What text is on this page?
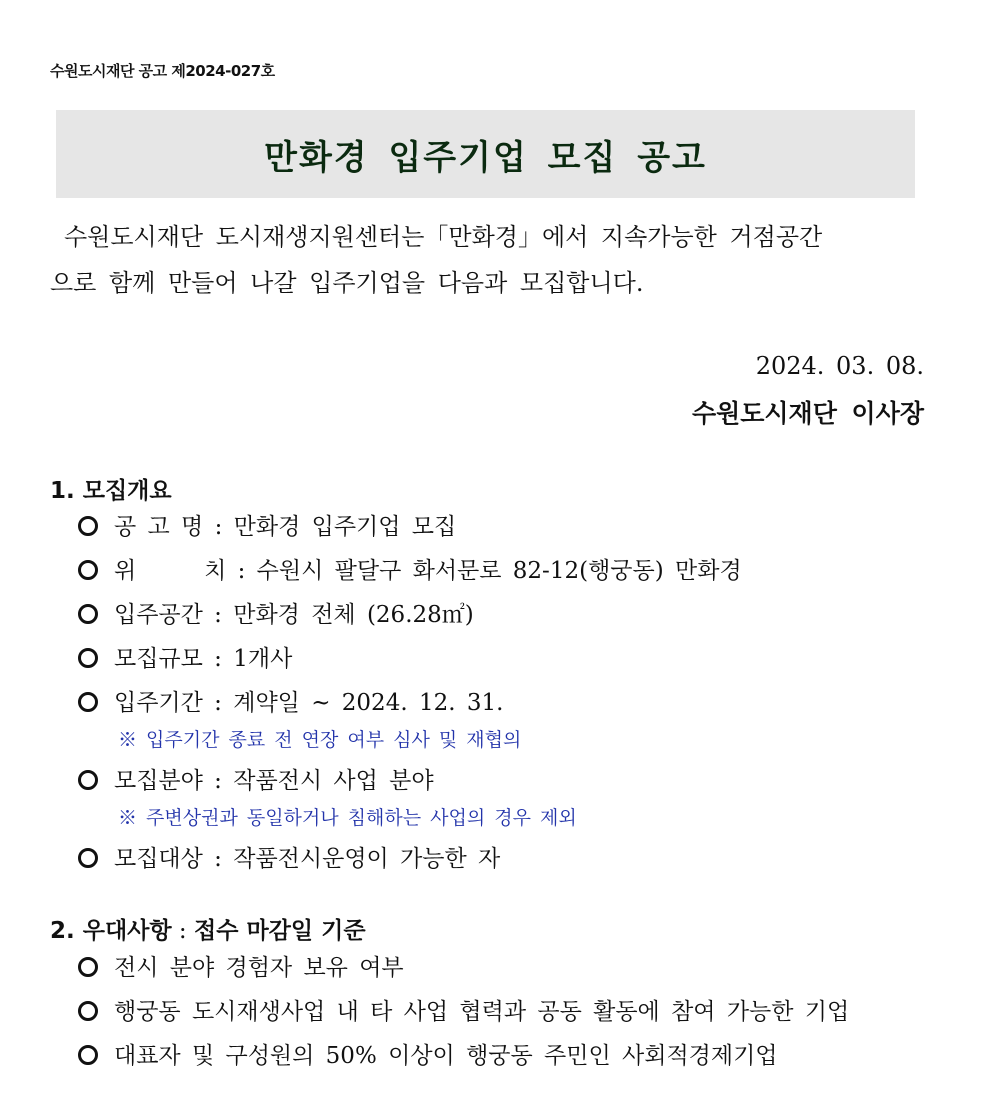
수원도시재단 공고 제2024-027호
만화경 입주기업 모집 공고
수원도시재단 도시재생지원센터는「만화경」에서 지속가능한 거점공간
으로 함께 만들어 나갈 입주기업을 다음과 모집합니다.
2024. 03. 08.
수원도시재단 이사장
1. 모집개요
공 고 명 : 만화경 입주기업 모집
위      치 : 수원시 팔달구 화서문로 82-12(행궁동) 만화경
입주공간 : 만화경 전체 (26.28㎡)
모집규모 : 1개사
입주기간 : 계약일 ~ 2024. 12. 31.
※ 입주기간 종료 전 연장 여부 심사 및 재협의
모집분야 : 작품전시 사업 분야
※ 주변상권과 동일하거나 침해하는 사업의 경우 제외
모집대상 : 작품전시운영이 가능한 자
2. 우대사항 : 접수 마감일 기준
전시 분야 경험자 보유 여부
행궁동 도시재생사업 내 타 사업 협력과 공동 활동에 참여 가능한 기업
대표자 및 구성원의 50% 이상이 행궁동 주민인 사회적경제기업
